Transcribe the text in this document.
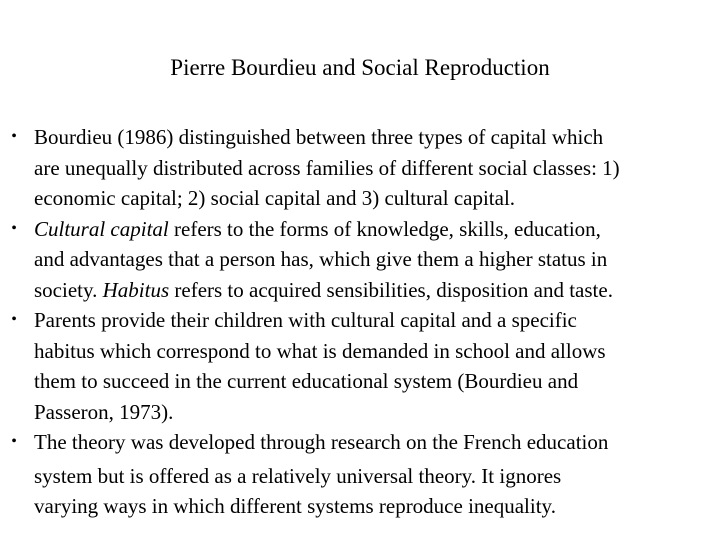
Pierre Bourdieu and Social Reproduction
• Bourdieu (1986) distinguished between three types of capital which
are unequally distributed across families of different social classes: 1)
economic capital; 2) social capital and 3) cultural capital.
• Cultural capital refers to the forms of knowledge, skills, education,
and advantages that a person has, which give them a higher status in
society. Habitus refers to acquired sensibilities, disposition and taste.
• Parents provide their children with cultural capital and a specific
habitus which correspond to what is demanded in school and allows
them to succeed in the current educational system (Bourdieu and
Passeron, 1973).
• The theory was developed through research on the French education
system but is offered as a relatively universal theory. It ignores
varying ways in which different systems reproduce inequality.
